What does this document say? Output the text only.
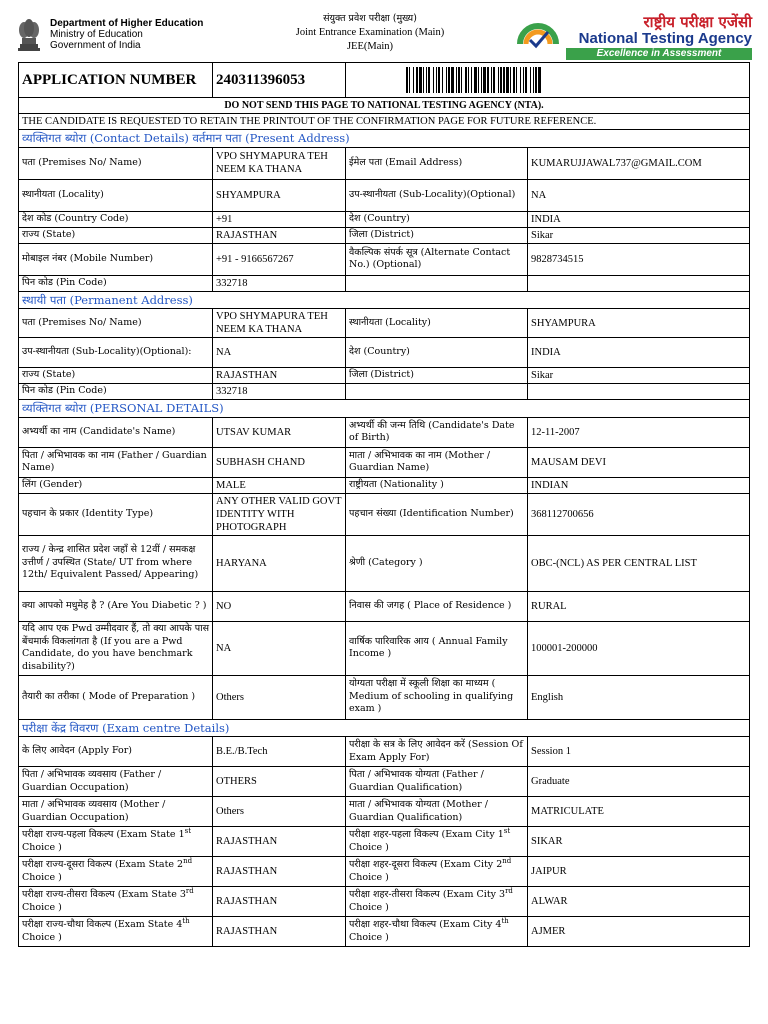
Department of Higher Education
Ministry of Education
Government of India
संयुक्त प्रवेश परीक्षा (मुख्य)
Joint Entrance Examination (Main)
JEE(Main)
राष्ट्रीय परीक्षा एजेंसी
National Testing Agency
Excellence in Assessment
APPLICATION NUMBER	240311396053	

DO NOT SEND THIS PAGE TO NATIONAL TESTING AGENCY (NTA).			
THE CANDIDATE IS REQUESTED TO RETAIN THE PRINTOUT OF THE CONFIRMATION PAGE FOR FUTURE REFERENCE.			
व्यक्तिगत ब्योरा (Contact Details) वर्तमान पता (Present Address)			
पता (Premises No/ Name)	VPO SHYMAPURA TEH NEEM KA THANA	ईमेल पता (Email Address)	KUMARUJJAWAL737@GMAIL.COM
स्थानीयता (Locality)	SHYAMPURA	उप-स्थानीयता (Sub-Locality)(Optional)	NA
देश कोड (Country Code)	+91	देश (Country)	INDIA
राज्य (State)	RAJASTHAN	जिला (District)	Sikar
मोबाइल नंबर (Mobile Number)	+91 - 9166567267	वैकल्पिक संपर्क सूत्र (Alternate Contact No.) (Optional)	9828734515
पिन कोड (Pin Code)	332718		
स्थायी पता (Permanent Address)			
पता (Premises No/ Name)	VPO SHYMAPURA TEH NEEM KA THANA	स्थानीयता (Locality)	SHYAMPURA
उप-स्थानीयता (Sub-Locality)(Optional):	NA	देश (Country)	INDIA
राज्य (State)	RAJASTHAN	जिला (District)	Sikar
पिन कोड (Pin Code)	332718		
व्यक्तिगत ब्योरा (PERSONAL DETAILS)			
अभ्यर्थी का नाम (Candidate's Name)	UTSAV KUMAR	अभ्यर्थी की जन्म तिथि (Candidate's Date of Birth)	12-11-2007
पिता / अभिभावक का नाम (Father / Guardian Name)	SUBHASH CHAND	माता / अभिभावक का नाम (Mother / Guardian Name)	MAUSAM DEVI
लिंग (Gender)	MALE	राष्ट्रीयता (Nationality )	INDIAN
पहचान के प्रकार (Identity Type)	ANY OTHER VALID GOVT IDENTITY WITH PHOTOGRAPH	पहचान संख्या (Identification Number)	368112700656
राज्य / केन्द्र शासित प्रदेश जहाँ से 12वीं / समकक्ष उत्तीर्ण / उपस्थित (State/ UT from where 12th/ Equivalent Passed/ Appearing)	HARYANA	श्रेणी (Category )	OBC-(NCL) AS PER CENTRAL LIST
क्या आपको मधुमेह है ? (Are You Diabetic ? )	NO	निवास की जगह ( Place of Residence )	RURAL
यदि आप एक Pwd उम्मीदवार हैं, तो क्या आपके पास बेंचमार्क विकलांगता है (If you are a Pwd Candidate, do you have benchmark disability?)	NA	वार्षिक पारिवारिक आय ( Annual Family Income )	100001-200000
तैयारी का तरीका ( Mode of Preparation )	Others	योग्यता परीक्षा में स्कूली शिक्षा का माध्यम ( Medium of schooling in qualifying exam )	English
परीक्षा केंद्र विवरण (Exam centre Details)			
के लिए आवेदन (Apply For)	B.E./B.Tech	परीक्षा के सत्र के लिए आवेदन करें (Session Of Exam Apply For)	Session 1
पिता / अभिभावक व्यवसाय (Father / Guardian Occupation)	OTHERS	पिता / अभिभावक योग्यता (Father / Guardian Qualification)	Graduate
माता / अभिभावक व्यवसाय (Mother / Guardian Occupation)	Others	माता / अभिभावक योग्यता (Mother / Guardian Qualification)	MATRICULATE
परीक्षा राज्य-पहला विकल्प (Exam State 1st Choice )	RAJASTHAN	परीक्षा शहर-पहला विकल्प (Exam City 1st Choice )	SIKAR
परीक्षा राज्य-दूसरा विकल्प (Exam State 2nd Choice )	RAJASTHAN	परीक्षा शहर-दूसरा विकल्प (Exam City 2nd Choice )	JAIPUR
परीक्षा राज्य-तीसरा विकल्प (Exam State 3rd Choice )	RAJASTHAN	परीक्षा शहर-तीसरा विकल्प (Exam City 3rd Choice )	ALWAR
परीक्षा राज्य-चौथा विकल्प (Exam State 4th Choice )	RAJASTHAN	परीक्षा शहर-चौथा विकल्प (Exam City 4th Choice )	AJMER
